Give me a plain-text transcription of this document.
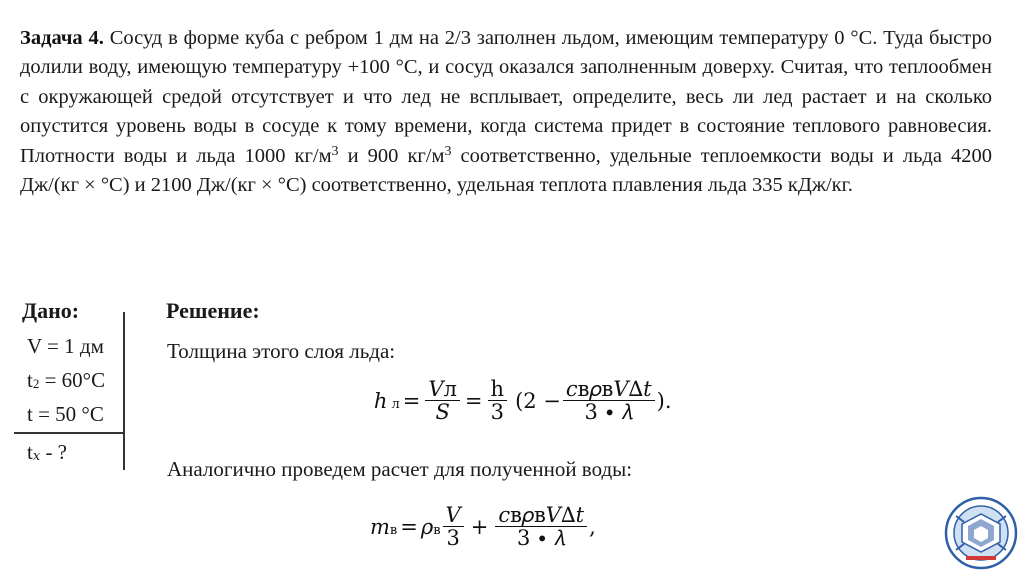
Задача 4. Сосуд в форме куба с ребром 1 дм на 2/3 заполнен льдом, имеющим температуру 0 °С. Туда быстро долили воду, имеющую температуру +100 °С, и сосуд оказался заполненным доверху. Считая, что теплообмен с окружающей средой отсутствует и что лед не всплывает, определите, весь ли лед растает и на сколько опустится уровень воды в сосуде к тому времени, когда система придет в состояние теплового равновесия. Плотности воды и льда 1000 $кг/м^3$ и 900 $кг/м^3$ соответственно, удельные теплоемкости воды и льда 4200 Дж/(кг × °С) и 2100 Дж/(кг × °С) соответственно, удельная теплота плавления льда 335 кДж/кг.
Дано:
V = 1 дм
$t_2 = 60^\circ C$
t = 50 °C
$t_𝑥$ - ?
Решение:
Толщина этого слоя льда:
ℎ $л = \frac{\text{𝑉л}}{\text{𝑆}} = \frac{h}{3} (2 - \frac{\text{𝑐в𝜌в𝑉∆𝑡}}{\text{3 ∙ 𝜆}}$ ).
Аналогично проведем расчет для полученной воды:
𝑚 в = 𝜌 в $\frac{\text{𝑉}}{3} + \frac{\text{𝑐в𝜌в𝑉∆𝑡}}{\text{3 ∙ 𝜆}}$ ,
